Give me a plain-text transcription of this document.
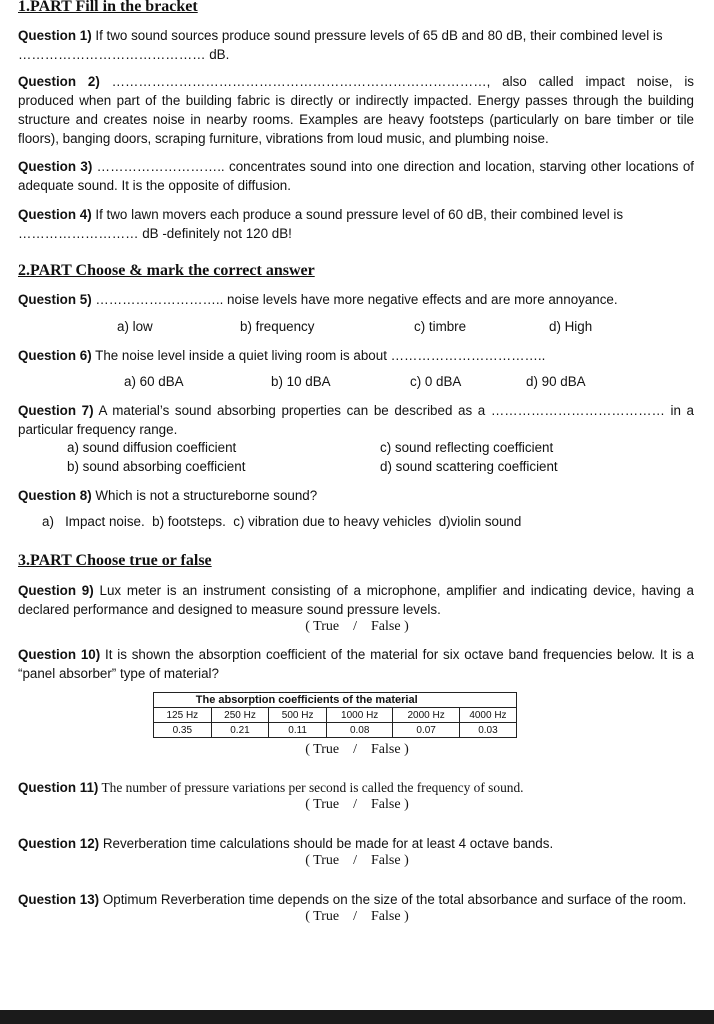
1.PART Fill in the bracket
Question 1) If two sound sources produce sound pressure levels of 65 dB and 80 dB, their combined level is
…………………………………… dB.
Question 2) …………………………………………………………………………, also called impact noise, is produced when part of the building fabric is directly or indirectly impacted. Energy passes through the building structure and creates noise in nearby rooms. Examples are heavy footsteps (particularly on bare timber or tile floors), banging doors, scraping furniture, vibrations from loud music, and plumbing noise.
Question 3) ……………………….. concentrates sound into one direction and location, starving other locations of adequate sound. It is the opposite of diffusion.
Question 4) If two lawn movers each produce a sound pressure level of 60 dB, their combined level is
……………………… dB -definitely not 120 dB!
2.PART Choose & mark the correct answer
Question 5) ……………………….. noise levels have more negative effects and are more annoyance.
a) low	b) frequency	c) timbre	d) High
Question 6) The noise level inside a quiet living room is about ……………………………..
a) 60 dBA	b) 10 dBA	c) 0 dBA	d) 90 dBA
Question 7) A material’s sound absorbing properties can be described as a ………………………………… in a particular frequency range.
a) sound diffusion coefficient
b) sound absorbing coefficient
c) sound reflecting coefficient
d) sound scattering coefficient
Question 8) Which is not a structureborne sound?
a)   Impact noise.  b) footsteps.  c) vibration due to heavy vehicles  d)violin sound
3.PART Choose true or false
Question 9) Lux meter is an instrument consisting of a microphone, amplifier and indicating device, having a declared performance and designed to measure sound pressure levels.
( True / False )
Question 10) It is shown the absorption coefficient of the material for six octave band frequencies below. It is a “panel absorber” type of material?
The absorption coefficients of the material					
125 Hz	250 Hz	500 Hz	1000 Hz	2000 Hz	4000 Hz
0.35	0.21	0.11	0.08	0.07	0.03
( True / False )
Question 11) The number of pressure variations per second is called the frequency of sound.
( True / False )
Question 12) Reverberation time calculations should be made for at least 4 octave bands.
( True / False )
Question 13) Optimum Reverberation time depends on the size of the total absorbance and surface of the room.
( True / False )
